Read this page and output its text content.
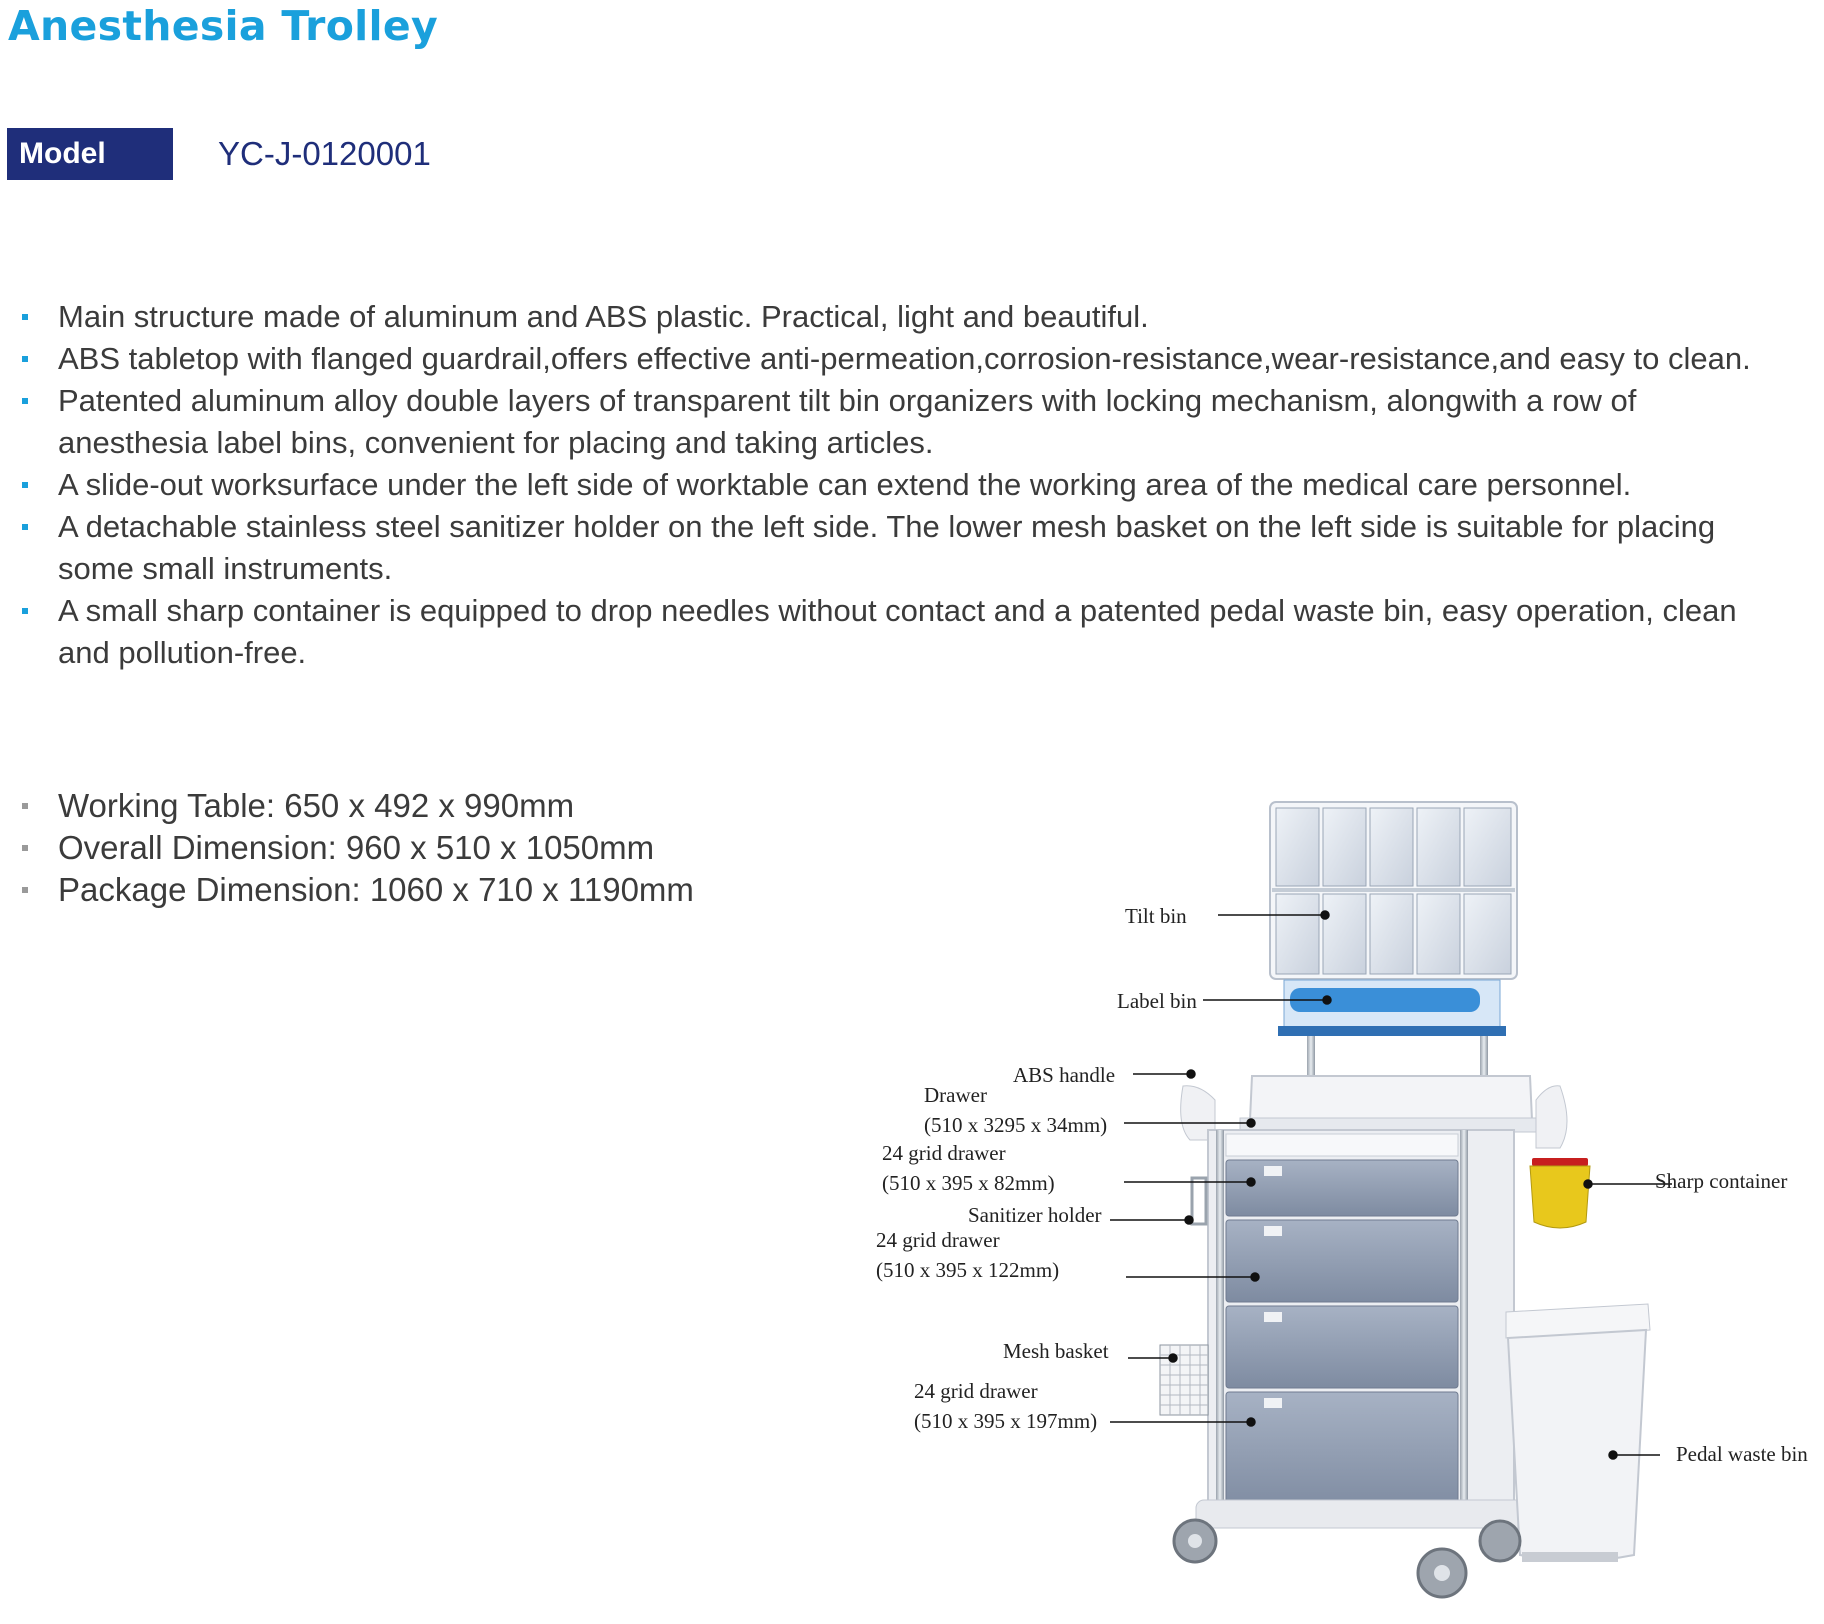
Anesthesia Trolley
Model No.:
YC-J-0120001
Main structure made of aluminum and ABS plastic. Practical, light and beautiful.
ABS tabletop with flanged guardrail,offers effective anti-permeation,corrosion-resistance,wear-resistance,and easy to clean.
Patented aluminum alloy double layers of transparent tilt bin organizers with locking mechanism, alongwith a row of anesthesia label bins, convenient for placing and taking articles.
A slide-out worksurface under the left side of worktable can extend the working area of the medical care personnel.
A detachable stainless steel sanitizer holder on the left side. The lower mesh basket on the left side is suitable for placing some small instruments.
A small sharp container is equipped to drop needles without contact and a patented pedal waste bin, easy operation, clean and pollution-free.
Working Table: 650 x 492 x 990mm
Overall Dimension: 960 x 510 x 1050mm
Package Dimension: 1060 x 710 x 1190mm
Tilt bin
Label bin
ABS handle
Drawer
(510 x 3295 x 34mm)
24 grid drawer
(510 x 395 x 82mm)
Sanitizer holder
24 grid drawer
(510 x 395 x 122mm)
Mesh basket
24 grid drawer
(510 x 395 x 197mm)
Sharp container
Pedal waste bin
